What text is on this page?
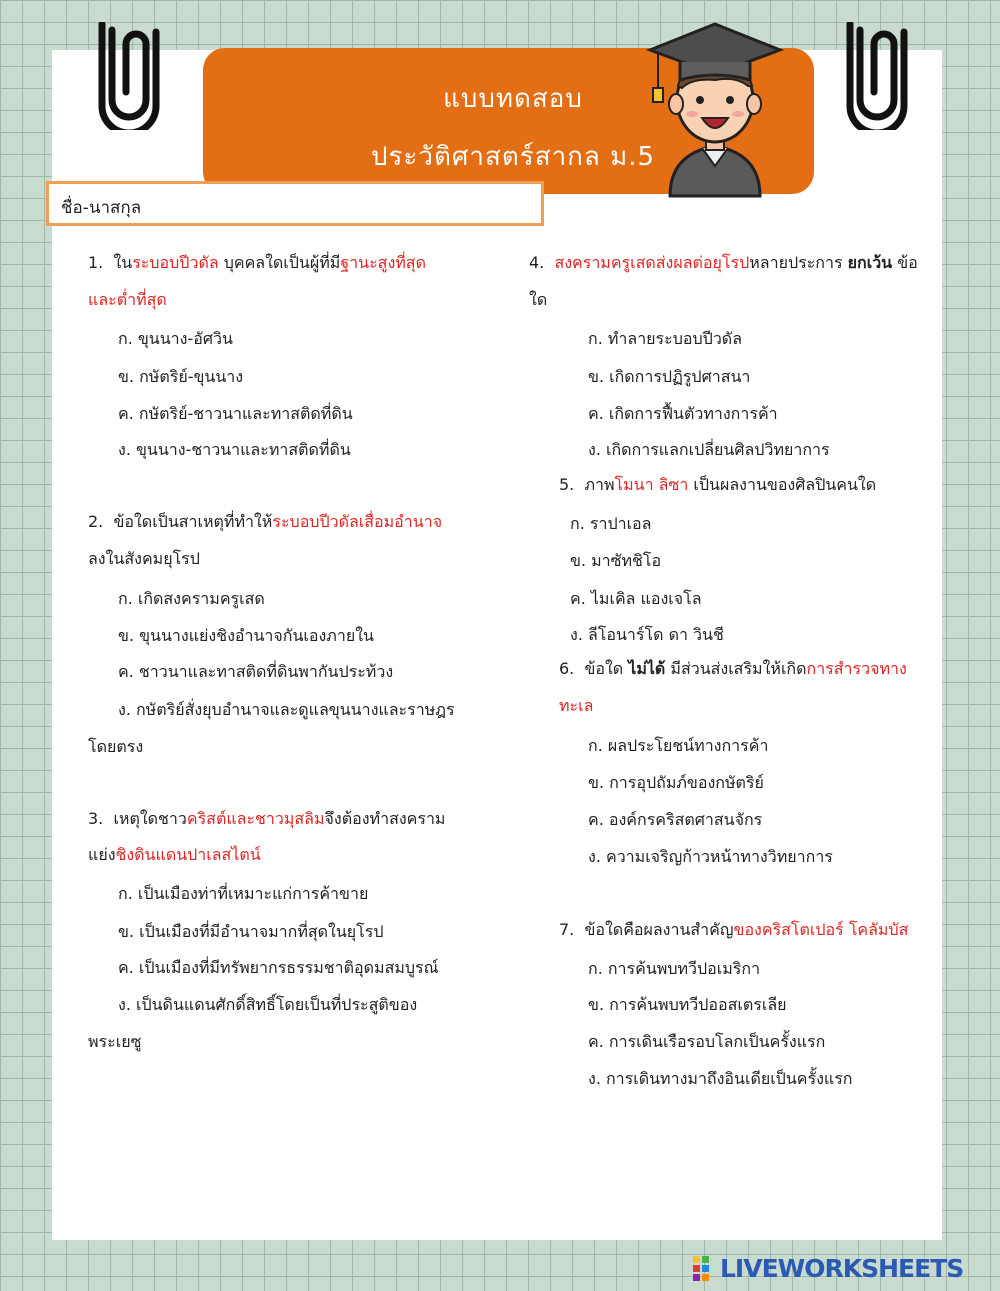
แบบทดสอบ
ประวัติศาสตร์สากล ม.5
ชื่อ-นาสกุล
1. ในระบอบปีวดัล บุคคลใดเป็นผู้ที่มีฐานะสูงที่สุด
และต่ำที่สุด
ก. ขุนนาง-อัศวิน
ข. กษัตริย์-ขุนนาง
ค. กษัตริย์-ชาวนาและทาสติดที่ดิน
ง. ขุนนาง-ชาวนาและทาสติดที่ดิน
2. ข้อใดเป็นสาเหตุที่ทำให้ระบอบปีวดัลเสื่อมอำนาจ
ลงในสังคมยุโรป
ก. เกิดสงครามครูเสด
ข. ขุนนางแย่งชิงอำนาจกันเองภายใน
ค. ชาวนาและทาสติดที่ดินพากันประท้วง
ง. กษัตริย์สั่งยุบอำนาจและดูแลขุนนางและราษฎร
โดยตรง
3. เหตุใดชาวคริสต์และชาวมุสลิมจึงต้องทำสงคราม
แย่งชิงดินแดนปาเลสไตน์
ก. เป็นเมืองท่าที่เหมาะแก่การค้าขาย
ข. เป็นเมืองที่มีอำนาจมากที่สุดในยุโรป
ค. เป็นเมืองที่มีทรัพยากรธรรมชาติอุดมสมบูรณ์
ง. เป็นดินแดนศักดิ์สิทธิ์โดยเป็นที่ประสูติของ
พระเยซู
4. สงครามครูเสดส่งผลต่อยุโรปหลายประการ ยกเว้น ข้อ
ใด
ก. ทำลายระบอบปีวดัล
ข. เกิดการปฏิรูปศาสนา
ค. เกิดการฟื้นตัวทางการค้า
ง. เกิดการแลกเปลี่ยนศิลปวิทยาการ
5. ภาพโมนา ลิซา เป็นผลงานของศิลปินคนใด
ก. ราปาเอล
ข. มาซัทชิโอ
ค. ไมเคิล แองเจโล
ง. ลีโอนาร์โด ดา วินชี
6. ข้อใด ไม่ได้ มีส่วนส่งเสริมให้เกิดการสำรวจทาง
ทะเล
ก. ผลประโยชน์ทางการค้า
ข. การอุปถัมภ์ของกษัตริย์
ค. องค์กรคริสตศาสนจักร
ง. ความเจริญก้าวหน้าทางวิทยาการ
7. ข้อใดคือผลงานสำคัญของคริสโตเปอร์ โคลัมบัส
ก. การค้นพบทวีปอเมริกา
ข. การค้นพบทวีปออสเตรเลีย
ค. การเดินเรือรอบโลกเป็นครั้งแรก
ง. การเดินทางมาถึงอินเดียเป็นครั้งแรก

LIVEWORKSHEETS
